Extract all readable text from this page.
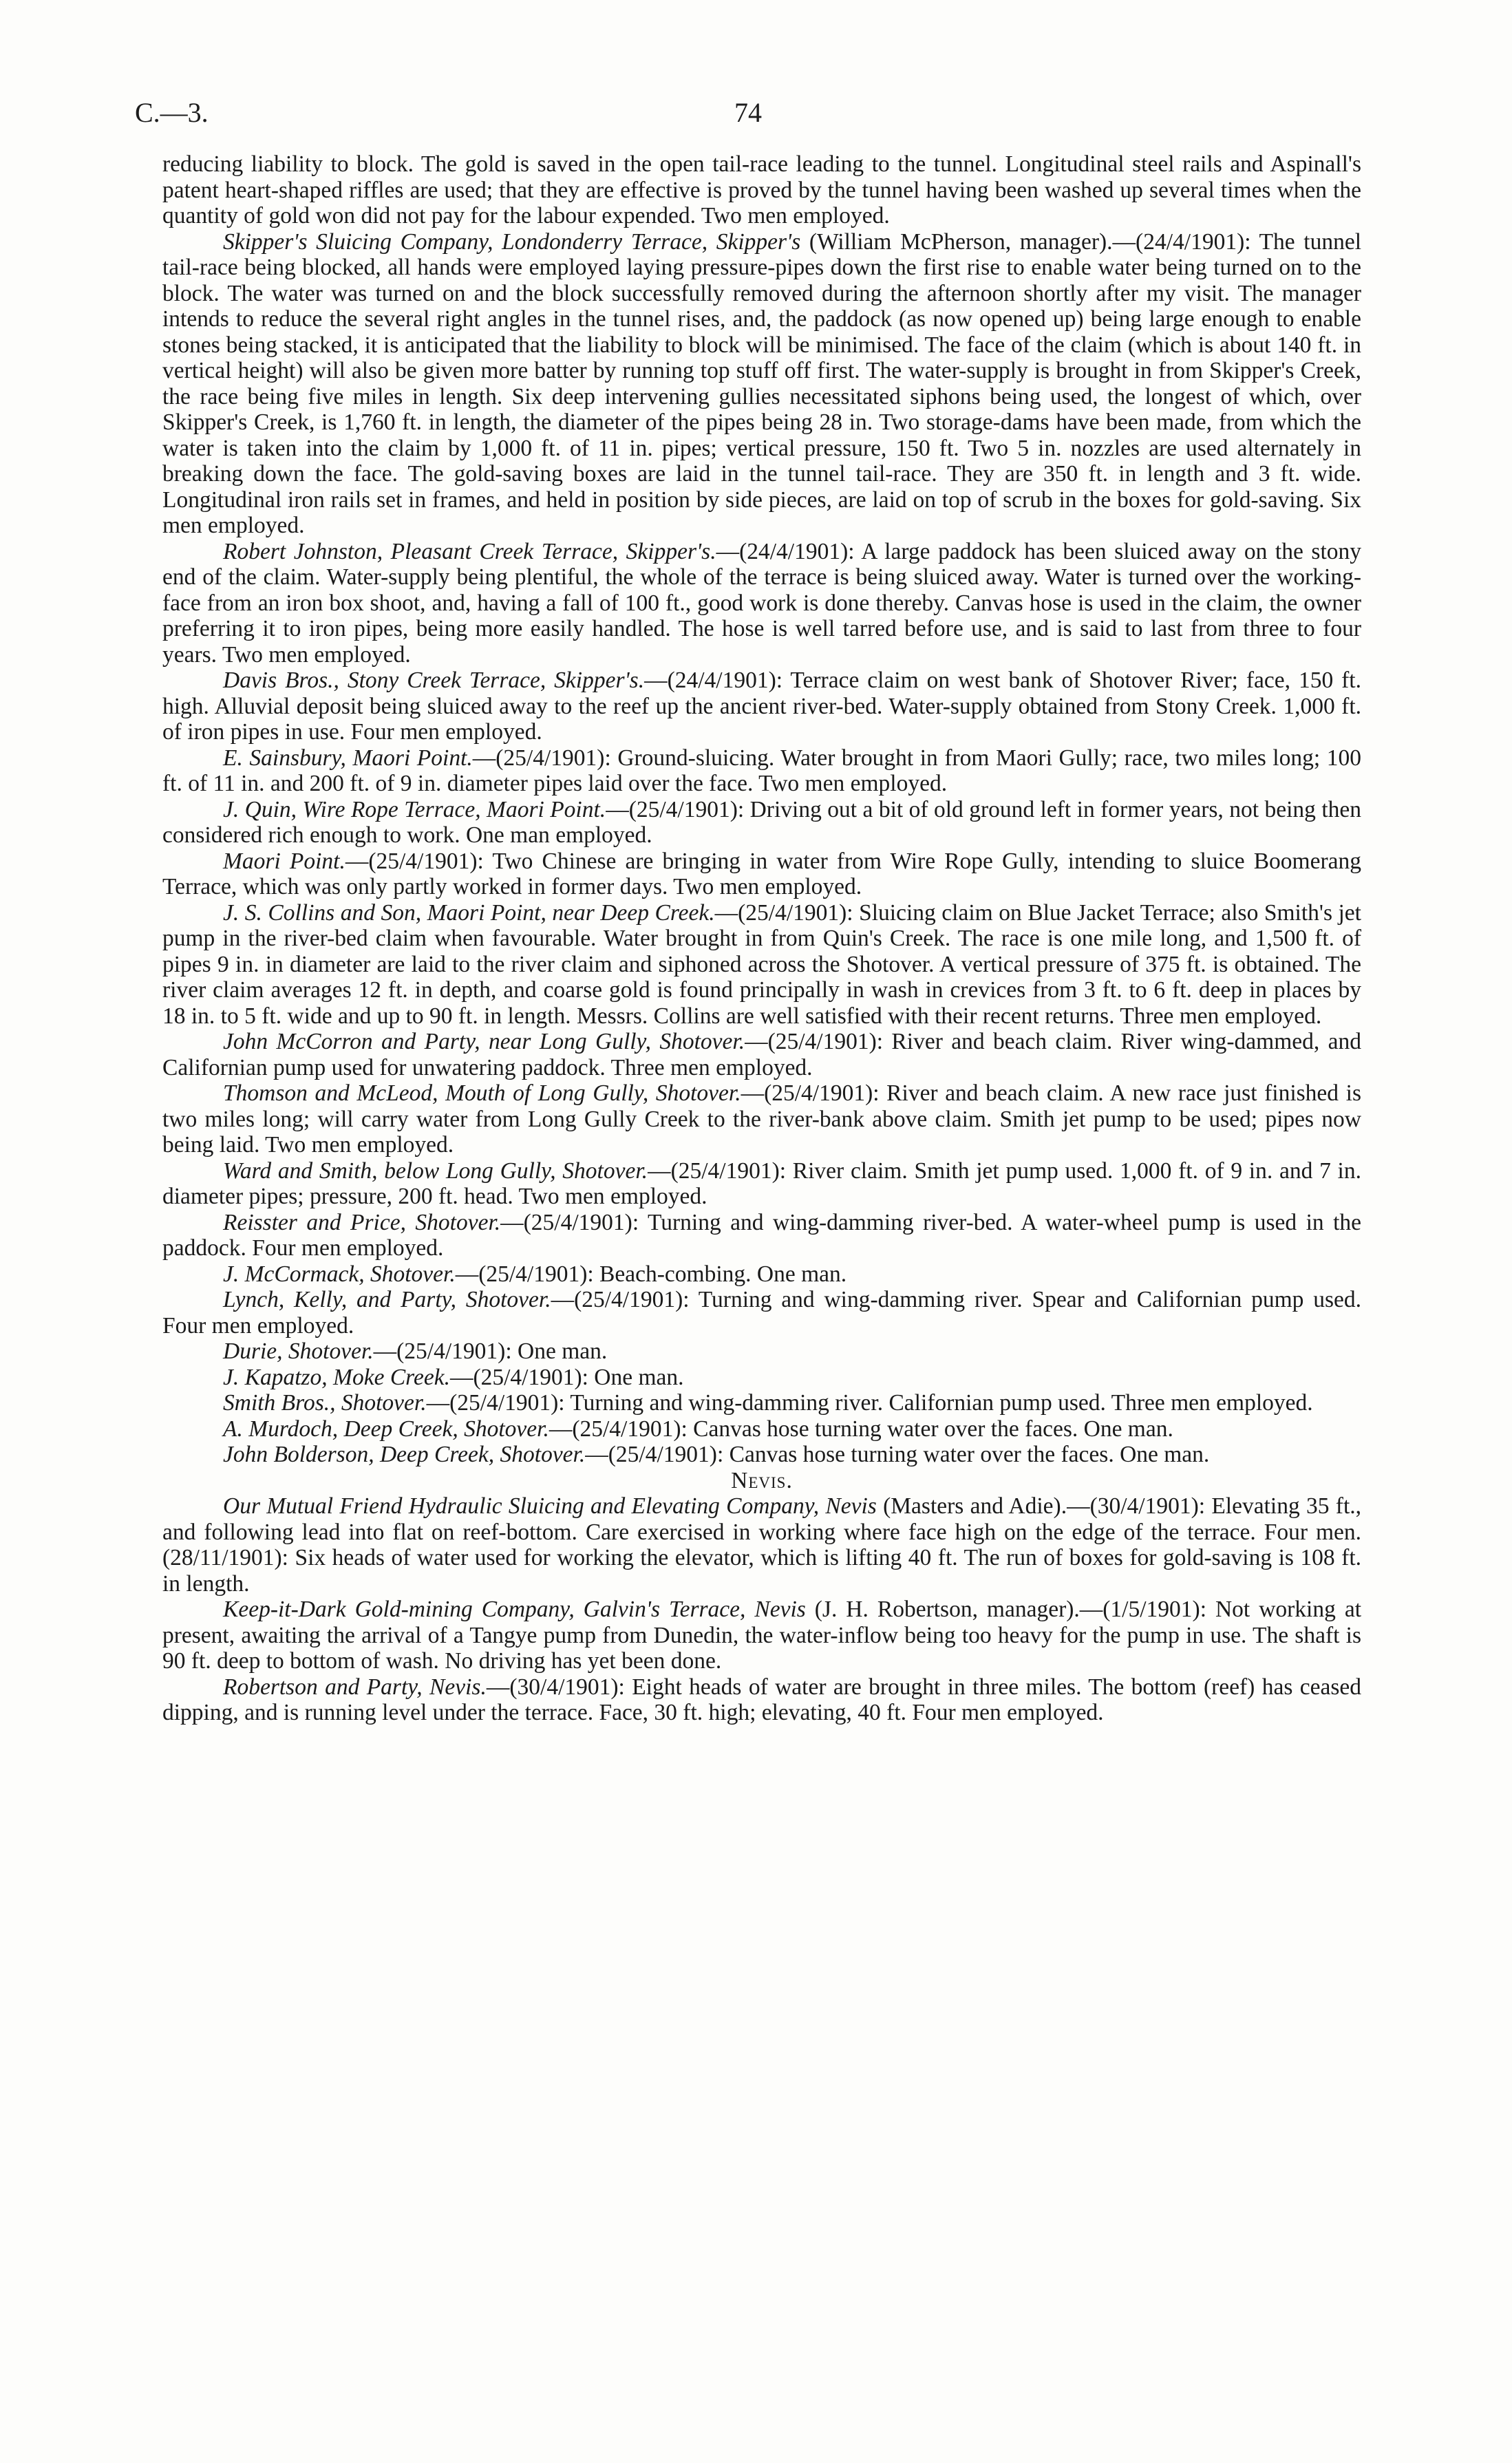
C.—3.	74

reducing liability to block. The gold is saved in the open tail-race leading to the tunnel. Longitudinal steel rails and Aspinall's patent heart-shaped riffles are used; that they are effective is proved by the tunnel having been washed up several times when the quantity of gold won did not pay for the labour expended. Two men employed.

Skipper's Sluicing Company, Londonderry Terrace, Skipper's (William McPherson, manager).—(24/4/1901): The tunnel tail-race being blocked, all hands were employed laying pressure-pipes down the first rise to enable water being turned on to the block. The water was turned on and the block successfully removed during the afternoon shortly after my visit. The manager intends to reduce the several right angles in the tunnel rises, and, the paddock (as now opened up) being large enough to enable stones being stacked, it is anticipated that the liability to block will be minimised. The face of the claim (which is about 140 ft. in vertical height) will also be given more batter by running top stuff off first. The water-supply is brought in from Skipper's Creek, the race being five miles in length. Six deep intervening gullies necessitated siphons being used, the longest of which, over Skipper's Creek, is 1,760 ft. in length, the diameter of the pipes being 28 in. Two storage-dams have been made, from which the water is taken into the claim by 1,000 ft. of 11 in. pipes; vertical pressure, 150 ft. Two 5 in. nozzles are used alternately in breaking down the face. The gold-saving boxes are laid in the tunnel tail-race. They are 350 ft. in length and 3 ft. wide. Longitudinal iron rails set in frames, and held in position by side pieces, are laid on top of scrub in the boxes for gold-saving. Six men employed.

Robert Johnston, Pleasant Creek Terrace, Skipper's.—(24/4/1901): A large paddock has been sluiced away on the stony end of the claim. Water-supply being plentiful, the whole of the terrace is being sluiced away. Water is turned over the working-face from an iron box shoot, and, having a fall of 100 ft., good work is done thereby. Canvas hose is used in the claim, the owner preferring it to iron pipes, being more easily handled. The hose is well tarred before use, and is said to last from three to four years. Two men employed.

Davis Bros., Stony Creek Terrace, Skipper's.—(24/4/1901): Terrace claim on west bank of Shotover River; face, 150 ft. high. Alluvial deposit being sluiced away to the reef up the ancient river-bed. Water-supply obtained from Stony Creek. 1,000 ft. of iron pipes in use. Four men employed.

E. Sainsbury, Maori Point.—(25/4/1901): Ground-sluicing. Water brought in from Maori Gully; race, two miles long; 100 ft. of 11 in. and 200 ft. of 9 in. diameter pipes laid over the face. Two men employed.

J. Quin, Wire Rope Terrace, Maori Point.—(25/4/1901): Driving out a bit of old ground left in former years, not being then considered rich enough to work. One man employed.

Maori Point.—(25/4/1901): Two Chinese are bringing in water from Wire Rope Gully, intending to sluice Boomerang Terrace, which was only partly worked in former days. Two men employed.

J. S. Collins and Son, Maori Point, near Deep Creek.—(25/4/1901): Sluicing claim on Blue Jacket Terrace; also Smith's jet pump in the river-bed claim when favourable. Water brought in from Quin's Creek. The race is one mile long, and 1,500 ft. of pipes 9 in. in diameter are laid to the river claim and siphoned across the Shotover. A vertical pressure of 375 ft. is obtained. The river claim averages 12 ft. in depth, and coarse gold is found principally in wash in crevices from 3 ft. to 6 ft. deep in places by 18 in. to 5 ft. wide and up to 90 ft. in length. Messrs. Collins are well satisfied with their recent returns. Three men employed.

John McCorron and Party, near Long Gully, Shotover.—(25/4/1901): River and beach claim. River wing-dammed, and Californian pump used for unwatering paddock. Three men employed.

Thomson and McLeod, Mouth of Long Gully, Shotover.—(25/4/1901): River and beach claim. A new race just finished is two miles long; will carry water from Long Gully Creek to the river-bank above claim. Smith jet pump to be used; pipes now being laid. Two men employed.

Ward and Smith, below Long Gully, Shotover.—(25/4/1901): River claim. Smith jet pump used. 1,000 ft. of 9 in. and 7 in. diameter pipes; pressure, 200 ft. head. Two men employed.

Reisster and Price, Shotover.—(25/4/1901): Turning and wing-damming river-bed. A water-wheel pump is used in the paddock. Four men employed.

J. McCormack, Shotover.—(25/4/1901): Beach-combing. One man.

Lynch, Kelly, and Party, Shotover.—(25/4/1901): Turning and wing-damming river. Spear and Californian pump used. Four men employed.

Durie, Shotover.—(25/4/1901): One man.

J. Kapatzo, Moke Creek.—(25/4/1901): One man.

Smith Bros., Shotover.—(25/4/1901): Turning and wing-damming river. Californian pump used. Three men employed.

A. Murdoch, Deep Creek, Shotover.—(25/4/1901): Canvas hose turning water over the faces. One man.

John Bolderson, Deep Creek, Shotover.—(25/4/1901): Canvas hose turning water over the faces. One man.

Nevis.

Our Mutual Friend Hydraulic Sluicing and Elevating Company, Nevis (Masters and Adie).—(30/4/1901): Elevating 35 ft., and following lead into flat on reef-bottom. Care exercised in working where face high on the edge of the terrace. Four men. (28/11/1901): Six heads of water used for working the elevator, which is lifting 40 ft. The run of boxes for gold-saving is 108 ft. in length.

Keep-it-Dark Gold-mining Company, Galvin's Terrace, Nevis (J. H. Robertson, manager).—(1/5/1901): Not working at present, awaiting the arrival of a Tangye pump from Dunedin, the water-inflow being too heavy for the pump in use. The shaft is 90 ft. deep to bottom of wash. No driving has yet been done.

Robertson and Party, Nevis.—(30/4/1901): Eight heads of water are brought in three miles. The bottom (reef) has ceased dipping, and is running level under the terrace. Face, 30 ft. high; elevating, 40 ft. Four men employed.
